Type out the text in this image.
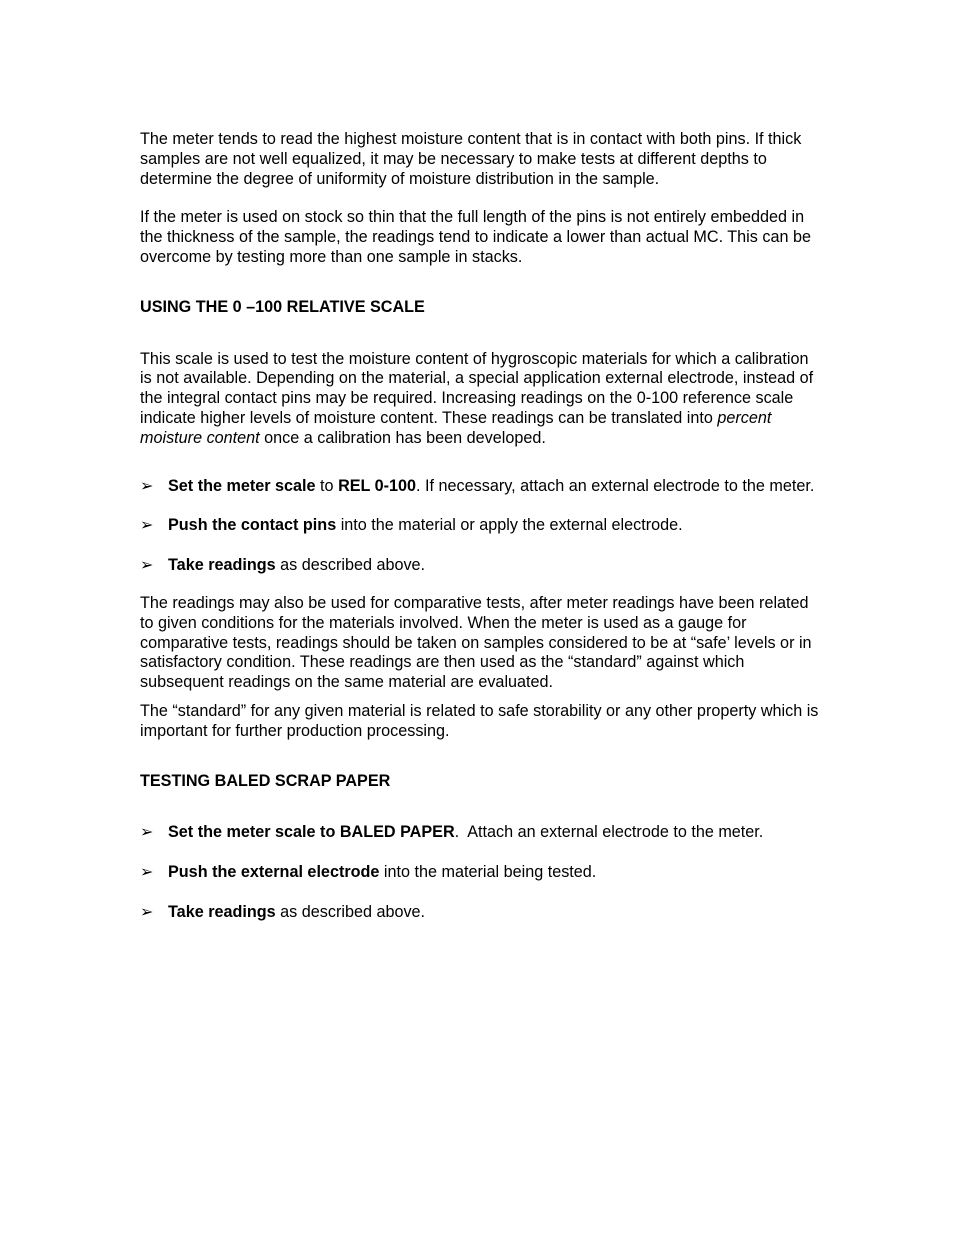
The meter tends to read the highest moisture content that is in contact with both pins. If thick samples are not well equalized, it may be necessary to make tests at different depths to determine the degree of uniformity of moisture distribution in the sample.

If the meter is used on stock so thin that the full length of the pins is not entirely embedded in the thickness of the sample, the readings tend to indicate a lower than actual MC. This can be overcome by testing more than one sample in stacks.

USING THE 0 –100 RELATIVE SCALE

This scale is used to test the moisture content of hygroscopic materials for which a calibration is not available. Depending on the material, a special application external electrode, instead of the integral contact pins may be required. Increasing readings on the 0-100 reference scale indicate higher levels of moisture content. These readings can be translated into percent moisture content once a calibration has been developed.

➢ Set the meter scale to REL 0-100. If necessary, attach an external electrode to the meter.
➢ Push the contact pins into the material or apply the external electrode.
➢ Take readings as described above.

The readings may also be used for comparative tests, after meter readings have been related to given conditions for the materials involved. When the meter is used as a gauge for comparative tests, readings should be taken on samples considered to be at “safe’ levels or in satisfactory condition. These readings are then used as the “standard” against which subsequent readings on the same material are evaluated.

The “standard” for any given material is related to safe storability or any other property which is important for further production processing.

TESTING BALED SCRAP PAPER

➢ Set the meter scale to BALED PAPER.  Attach an external electrode to the meter.
➢ Push the external electrode into the material being tested.
➢ Take readings as described above.
